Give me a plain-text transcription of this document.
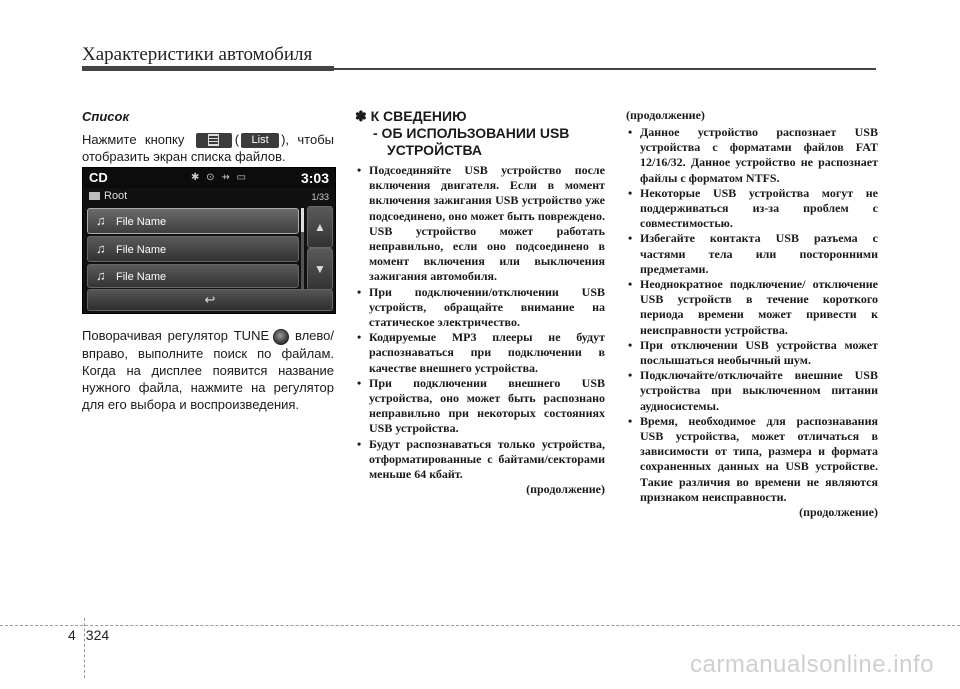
Характеристики автомобиля

Список

Нажмите кнопку	( List ), чтобы отобразить экран списка файлов.

CD	✱ ⊙ ⇸ ▭	3:03
Root	1/33
♫ File Name
♫ File Name
♫ File Name
▲
▼
↩
Поворачивая регулятор TUNE влево/вправо, выполните поиск по файлам. Когда на дисплее появится название нужного файла, нажмите на регулятор для его выбора и воспроизведения.
✽ К СВЕДЕНИЮ
- ОБ ИСПОЛЬЗОВАНИИ USB
УСТРОЙСТВА
• Подсоединяйте USB устройство после включения двигателя. Если в момент включения зажигания USB устройство уже подсоединено, оно может быть повреждено. USB устройство может работать неправильно, если оно подсоединено в момент включения или выключения зажигания автомобиля.
• При подключении/отключении USB устройств, обращайте внимание на статическое электричество.
• Кодируемые MP3 плееры не будут распознаваться при подключении в качестве внешнего устройства.
• При подключении внешнего USB устройства, оно может быть распознано неправильно при некоторых состояниях USB устройства.
• Будут распознаваться только устройства, отформатированные с байтами/секторами меньше 64 кбайт.
(продолжение)
(продолжение)
• Данное устройство распознает USB устройства с форматами файлов FAT 12/16/32. Данное устройство не распознает файлы с форматом NTFS.
• Некоторые USB устройства могут не поддерживаться из-за проблем с совместимостью.
• Избегайте контакта USB разъема с частями тела или посторонними предметами.
• Неоднократное подключение/ отключение USB устройств в течение короткого периода времени может привести к неисправности устройства.
• При отключении USB устройства может послышаться необычный шум.
• Подключайте/отключайте внешние USB устройства при выключенном питании аудиосистемы.
• Время, необходимое для распознавания USB устройства, может отличаться в зависимости от типа, размера и формата сохраненных данных на USB устройстве. Такие различия во времени не являются признаком неисправности.
(продолжение)
4 324
carmanualsonline.info
